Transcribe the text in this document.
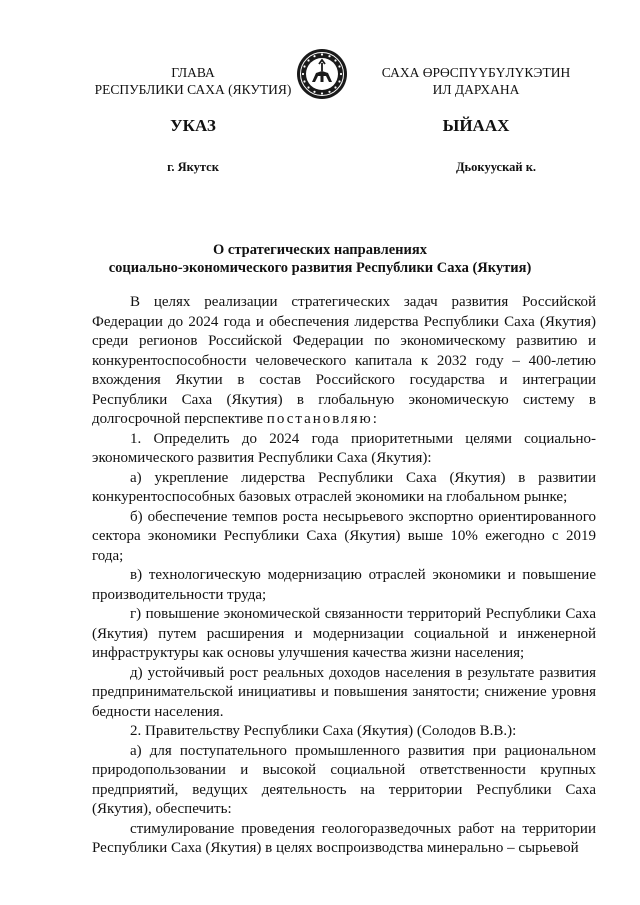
ГЛАВА
РЕСПУБЛИКИ САХА (ЯКУТИЯ)
САХА ӨРӨСПҮҮБҮЛҮКЭТИН
ИЛ ДАРХАНА
УКАЗ	ЫЙААХ
г. Якутск	Дьокуускай к.
О стратегических направлениях
социально-экономического развития Республики Саха (Якутия)

В целях реализации стратегических задач развития Российской Федерации до 2024 года и обеспечения лидерства Республики Саха (Якутия) среди регионов Российской Федерации по экономическому развитию и конкурентоспособности человеческого капитала к 2032 году – 400-летию вхождения Якутии в состав Российского государства и интеграции Республики Саха (Якутия) в глобальную экономическую систему в долгосрочной перспективе постановляю:

1. Определить до 2024 года приоритетными целями социально-экономического развития Республики Саха (Якутия):

а) укрепление лидерства Республики Саха (Якутия) в развитии конкурентоспособных базовых отраслей экономики на глобальном рынке;

б) обеспечение темпов роста несырьевого экспортно ориентированного сектора экономики Республики Саха (Якутия) выше 10% ежегодно с 2019 года;

в) технологическую модернизацию отраслей экономики и повышение производительности труда;

г) повышение экономической связанности территорий Республики Саха (Якутия) путем расширения и модернизации социальной и инженерной инфраструктуры как основы улучшения качества жизни населения;

д) устойчивый рост реальных доходов населения в результате развития предпринимательской инициативы и повышения занятости; снижение уровня бедности населения.

2. Правительству Республики Саха (Якутия) (Солодов В.В.):

а) для поступательного промышленного развития при рациональном природопользовании и высокой социальной ответственности крупных предприятий, ведущих деятельность на территории Республики Саха (Якутия), обеспечить:

стимулирование проведения геологоразведочных работ на территории Республики Саха (Якутия) в целях воспроизводства минерально – сырьевой
